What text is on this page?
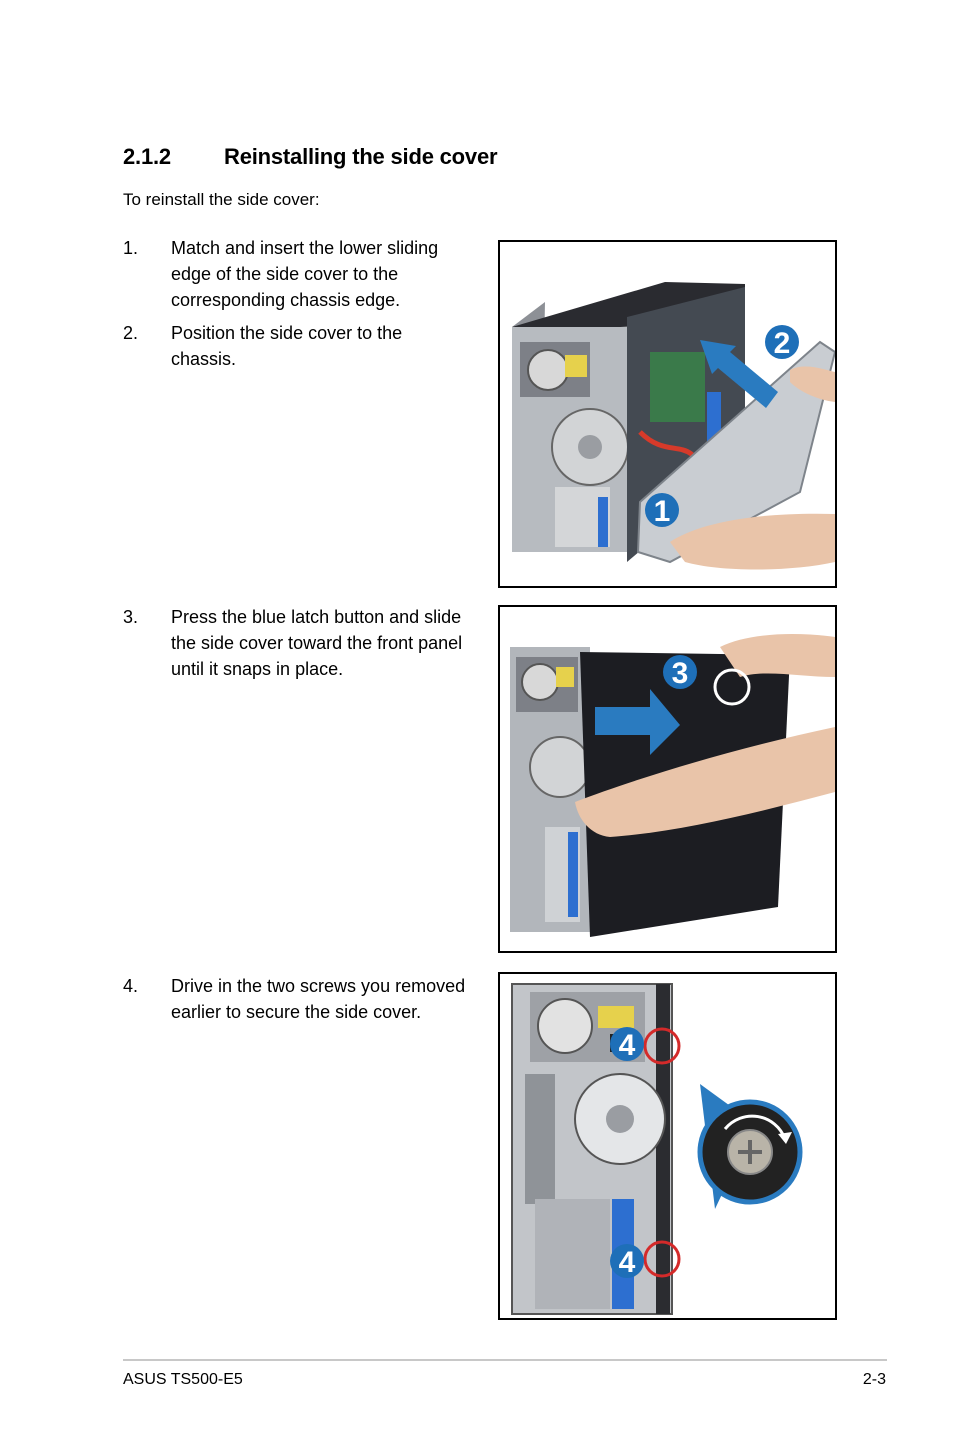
2.1.2 Reinstalling the side cover

To reinstall the side cover:

1. Match and insert the lower sliding edge of the side cover to the corresponding chassis edge.
2. Position the side cover to the chassis.
3. Press the blue latch button and slide the side cover toward the front panel until it snaps in place.
4. Drive in the two screws you removed earlier to secure the side cover.
1
2
3
4
4
ASUS TS500-E5	2-3
